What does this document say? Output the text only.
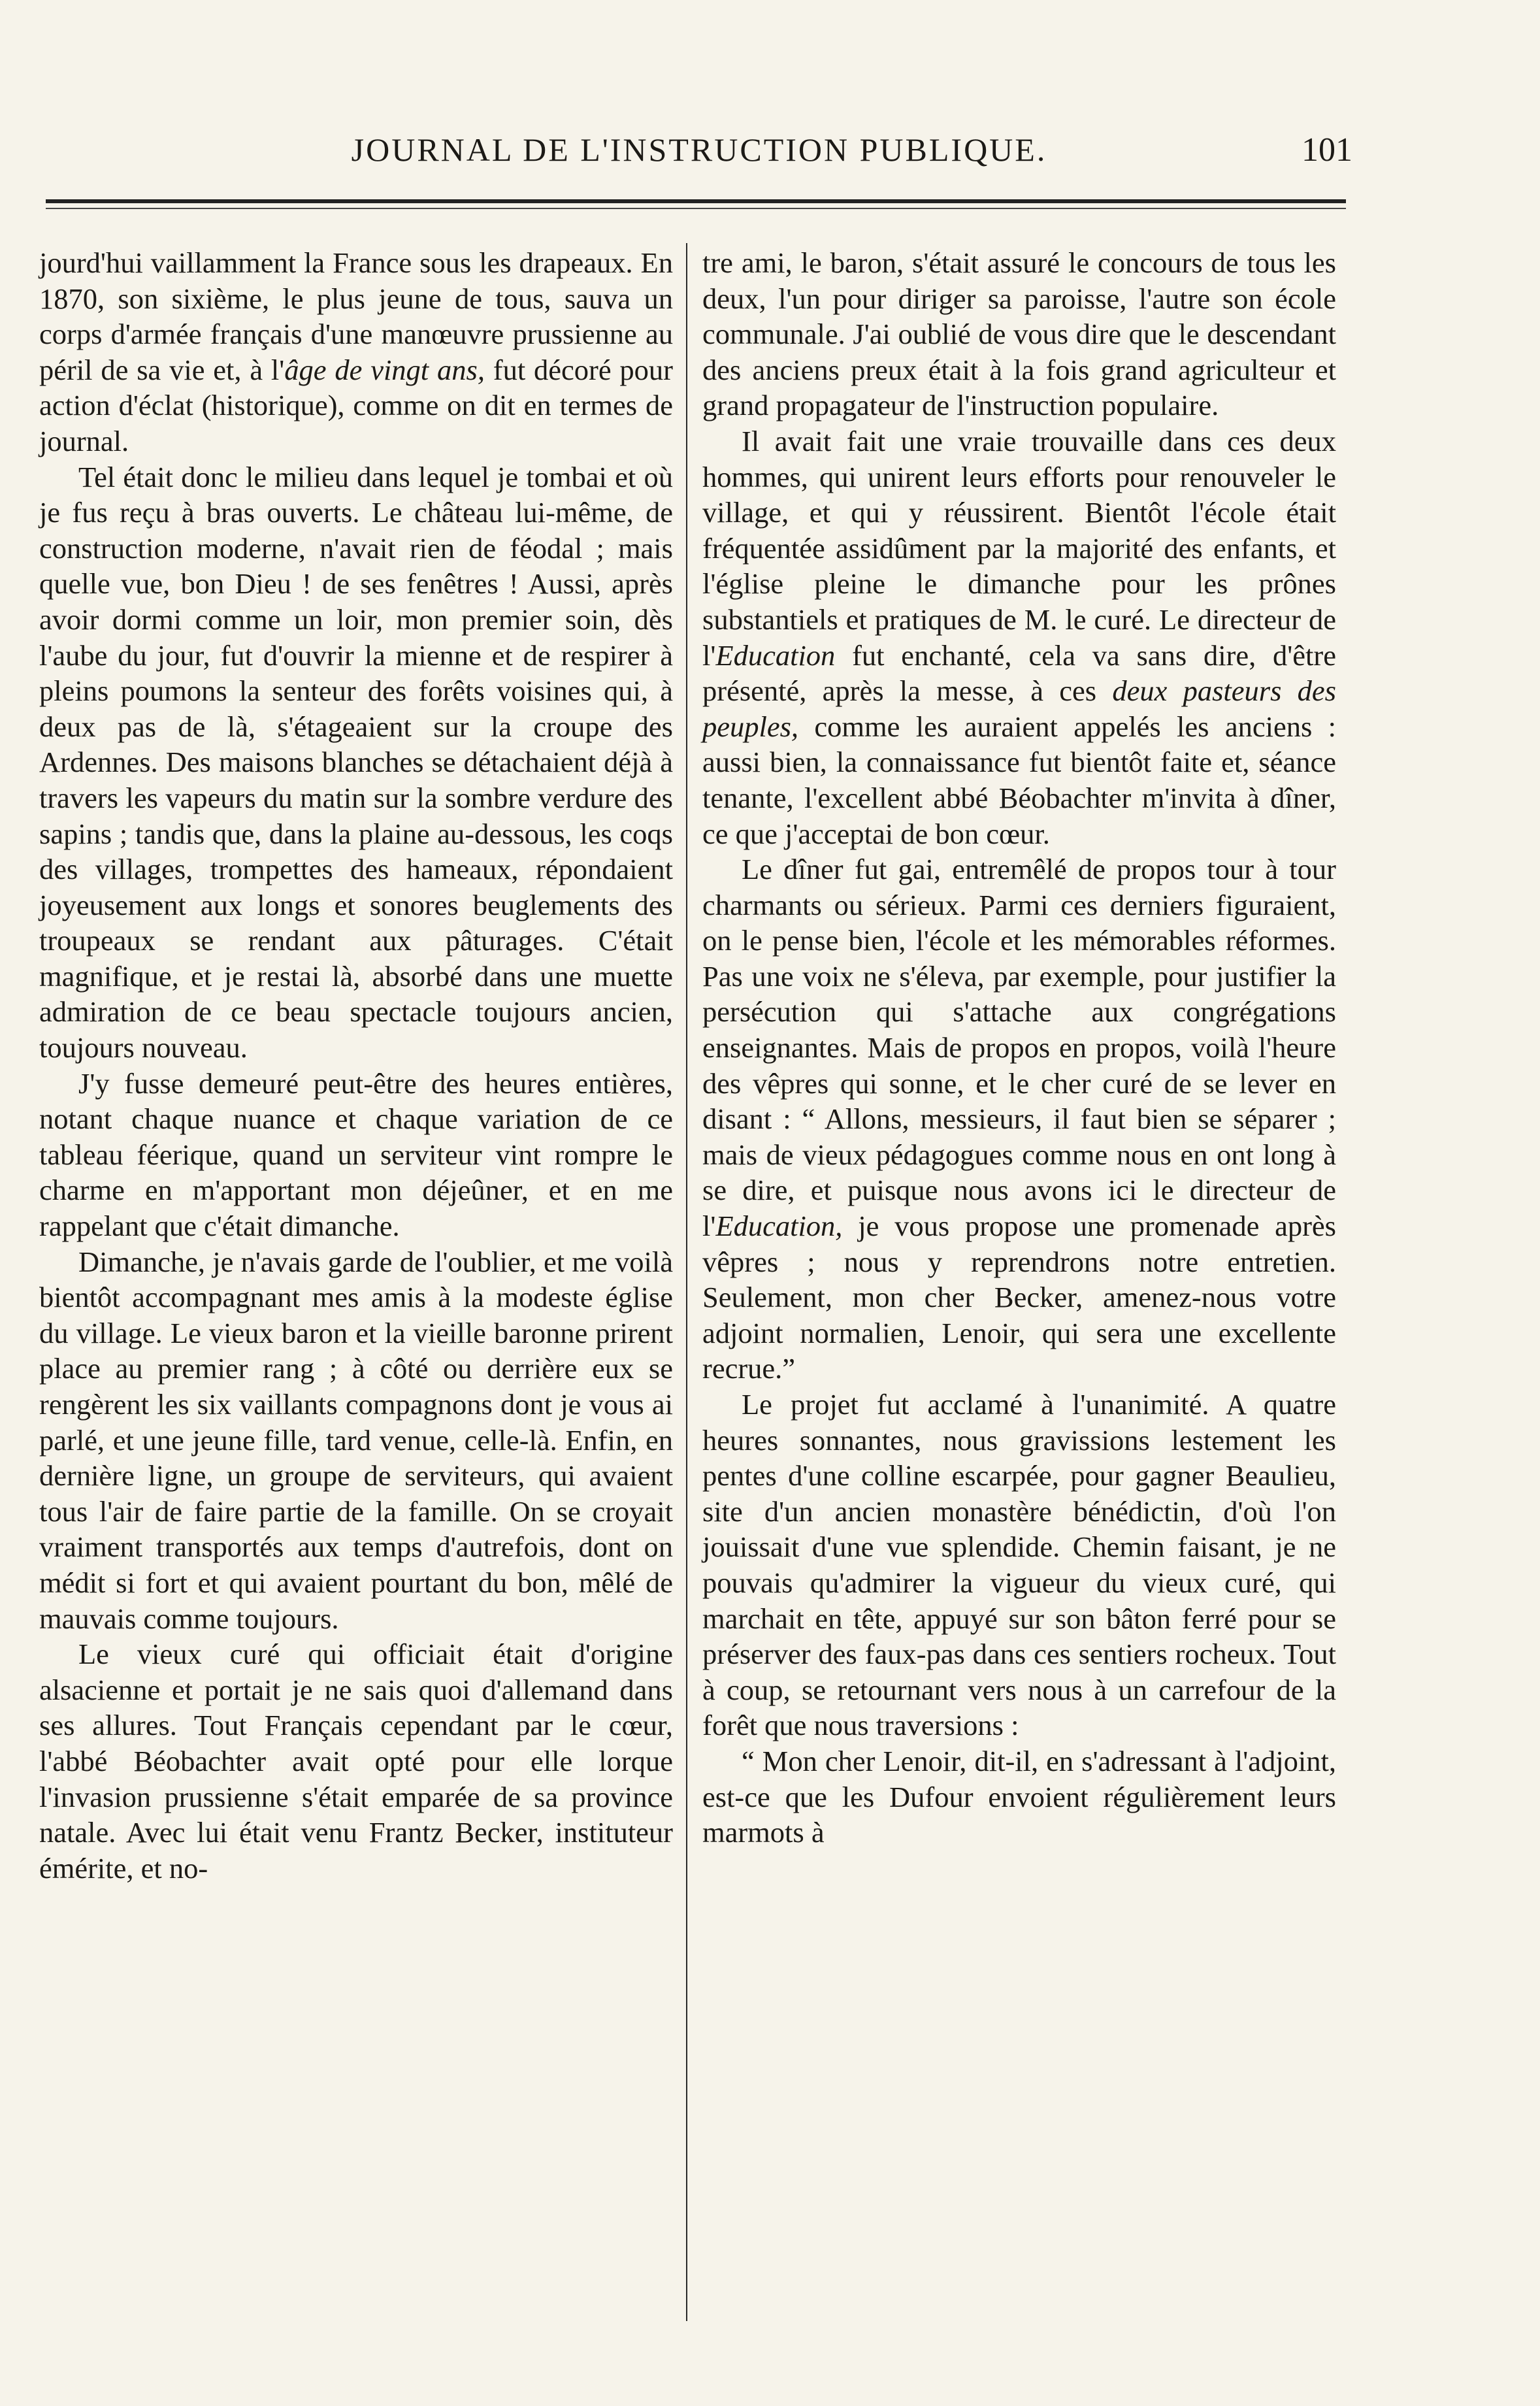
JOURNAL DE L'INSTRUCTION PUBLIQUE.	101

jourd'hui vaillamment la France sous les drapeaux. En 1870, son sixième, le plus jeune de tous, sauva un corps d'armée français d'une manœuvre prussienne au péril de sa vie et, à l'âge de vingt ans, fut décoré pour action d'éclat (historique), comme on dit en termes de journal.

Tel était donc le milieu dans lequel je tombai et où je fus reçu à bras ouverts. Le château lui-même, de construction moderne, n'avait rien de féodal ; mais quelle vue, bon Dieu ! de ses fenêtres ! Aussi, après avoir dormi comme un loir, mon premier soin, dès l'aube du jour, fut d'ouvrir la mienne et de respirer à pleins poumons la senteur des forêts voisines qui, à deux pas de là, s'étageaient sur la croupe des Ardennes. Des maisons blanches se détachaient déjà à travers les vapeurs du matin sur la sombre verdure des sapins ; tandis que, dans la plaine au-dessous, les coqs des villages, trompettes des hameaux, répondaient joyeusement aux longs et sonores beuglements des troupeaux se rendant aux pâturages. C'était magnifique, et je restai là, absorbé dans une muette admiration de ce beau spectacle toujours ancien, toujours nouveau.

J'y fusse demeuré peut-être des heures entières, notant chaque nuance et chaque variation de ce tableau féerique, quand un serviteur vint rompre le charme en m'apportant mon déjeûner, et en me rappelant que c'était dimanche.

Dimanche, je n'avais garde de l'oublier, et me voilà bientôt accompagnant mes amis à la modeste église du village. Le vieux baron et la vieille baronne prirent place au premier rang ; à côté ou derrière eux se rengèrent les six vaillants compagnons dont je vous ai parlé, et une jeune fille, tard venue, celle-là. Enfin, en dernière ligne, un groupe de serviteurs, qui avaient tous l'air de faire partie de la famille. On se croyait vraiment transportés aux temps d'autrefois, dont on médit si fort et qui avaient pourtant du bon, mêlé de mauvais comme toujours.

Le vieux curé qui officiait était d'origine alsacienne et portait je ne sais quoi d'allemand dans ses allures. Tout Français cependant par le cœur, l'abbé Béobachter avait opté pour elle lorque l'invasion prussienne s'était emparée de sa province natale. Avec lui était venu Frantz Becker, instituteur émérite, et no-

tre ami, le baron, s'était assuré le concours de tous les deux, l'un pour diriger sa paroisse, l'autre son école communale. J'ai oublié de vous dire que le descendant des anciens preux était à la fois grand agriculteur et grand propagateur de l'instruction populaire.

Il avait fait une vraie trouvaille dans ces deux hommes, qui unirent leurs efforts pour renouveler le village, et qui y réussirent. Bientôt l'école était fréquentée assidûment par la majorité des enfants, et l'église pleine le dimanche pour les prônes substantiels et pratiques de M. le curé. Le directeur de l'Education fut enchanté, cela va sans dire, d'être présenté, après la messe, à ces deux pasteurs des peuples, comme les auraient appelés les anciens : aussi bien, la connaissance fut bientôt faite et, séance tenante, l'excellent abbé Béobachter m'invita à dîner, ce que j'acceptai de bon cœur.

Le dîner fut gai, entremêlé de propos tour à tour charmants ou sérieux. Parmi ces derniers figuraient, on le pense bien, l'école et les mémorables réformes. Pas une voix ne s'éleva, par exemple, pour justifier la persécution qui s'attache aux congrégations enseignantes. Mais de propos en propos, voilà l'heure des vêpres qui sonne, et le cher curé de se lever en disant : “ Allons, messieurs, il faut bien se séparer ; mais de vieux pédagogues comme nous en ont long à se dire, et puisque nous avons ici le directeur de l'Education, je vous propose une promenade après vêpres ; nous y reprendrons notre entretien. Seulement, mon cher Becker, amenez-nous votre adjoint normalien, Lenoir, qui sera une excellente recrue.”

Le projet fut acclamé à l'unanimité. A quatre heures sonnantes, nous gravissions lestement les pentes d'une colline escarpée, pour gagner Beaulieu, site d'un ancien monastère bénédictin, d'où l'on jouissait d'une vue splendide. Chemin faisant, je ne pouvais qu'admirer la vigueur du vieux curé, qui marchait en tête, appuyé sur son bâton ferré pour se préserver des faux-pas dans ces sentiers rocheux. Tout à coup, se retournant vers nous à un carrefour de la forêt que nous traversions :

“ Mon cher Lenoir, dit-il, en s'adressant à l'adjoint, est-ce que les Dufour envoient régulièrement leurs marmots à
